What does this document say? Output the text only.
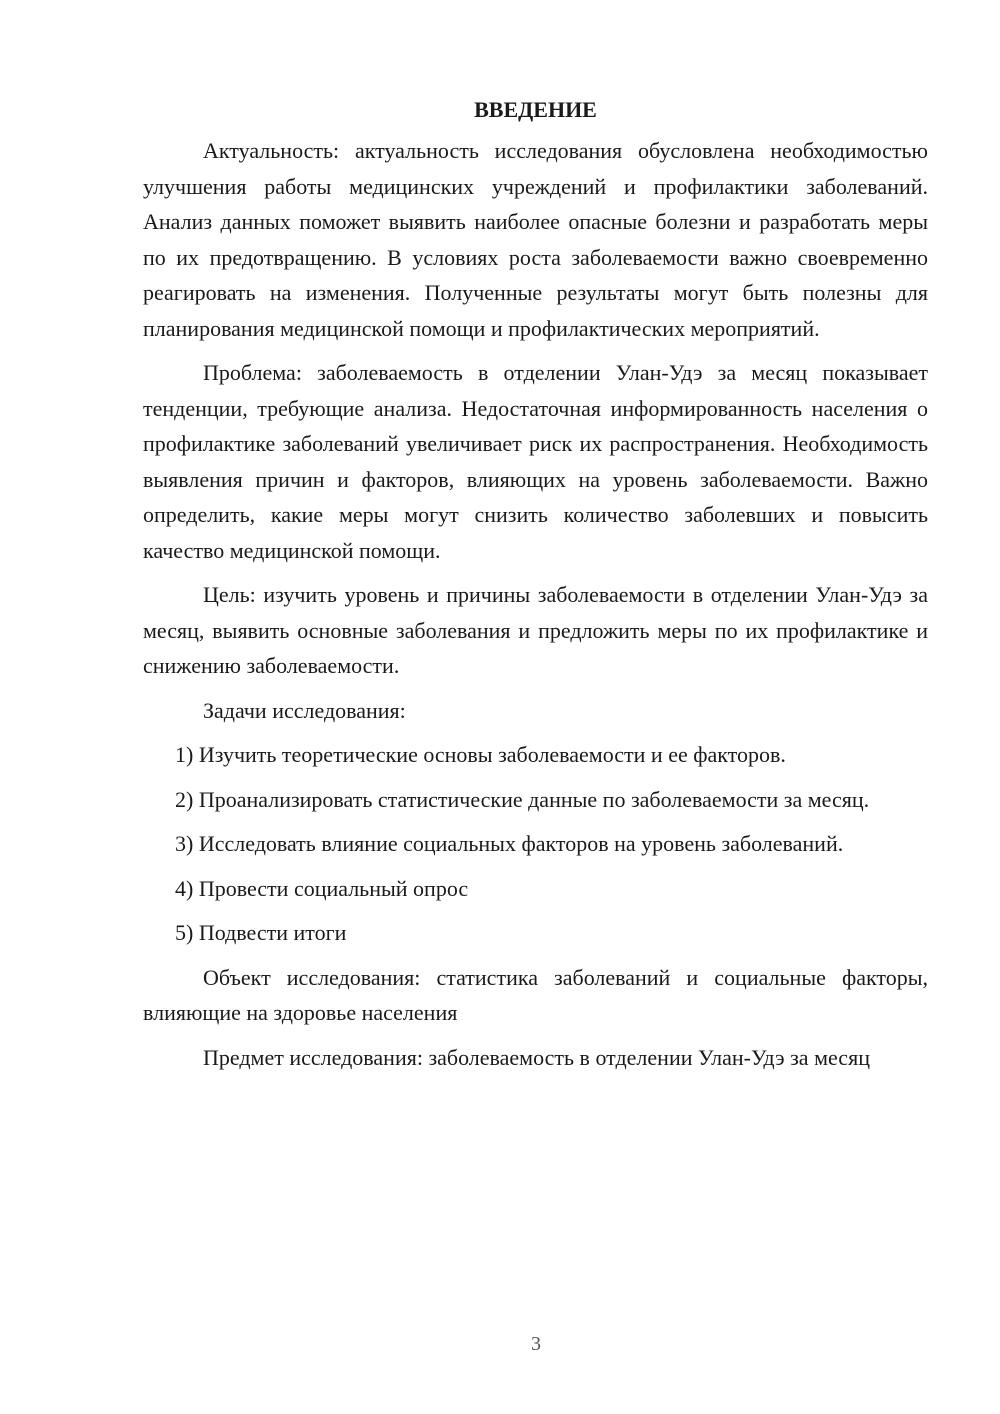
ВВЕДЕНИЕ

Актуальность: актуальность исследования обусловлена необходимостью улучшения работы медицинских учреждений и профилактики заболеваний. Анализ данных поможет выявить наиболее опасные болезни и разработать меры по их предотвращению. В условиях роста заболеваемости важно своевременно реагировать на изменения. Полученные результаты могут быть полезны для планирования медицинской помощи и профилактических мероприятий.

Проблема: заболеваемость в отделении Улан-Удэ за месяц показывает тенденции, требующие анализа. Недостаточная информированность населения о профилактике заболеваний увеличивает риск их распространения. Необходимость выявления причин и факторов, влияющих на уровень заболеваемости. Важно определить, какие меры могут снизить количество заболевших и повысить качество медицинской помощи.

Цель: изучить уровень и причины заболеваемости в отделении Улан-Удэ за месяц, выявить основные заболевания и предложить меры по их профилактике и снижению заболеваемости.

Задачи исследования:

1) Изучить теоретические основы заболеваемости и ее факторов.

2) Проанализировать статистические данные по заболеваемости за месяц.

3) Исследовать влияние социальных факторов на уровень заболеваний.

4) Провести социальный опрос

5) Подвести итоги

Объект исследования: статистика заболеваний и социальные факторы, влияющие на здоровье населения

Предмет исследования: заболеваемость в отделении Улан-Удэ за месяц

3
